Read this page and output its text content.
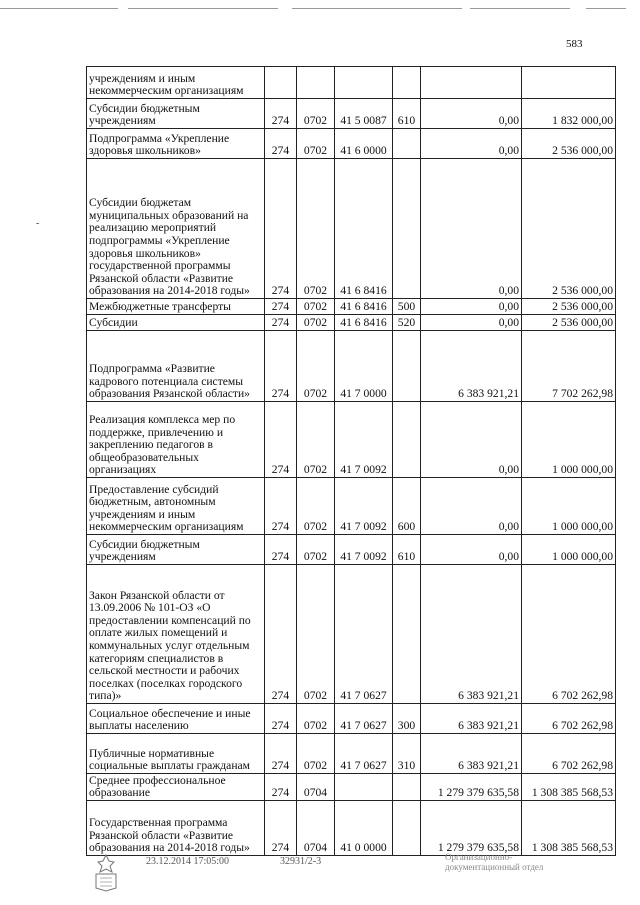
583
-
учреждениям и иным некоммерческим организациям						
Субсидии бюджетным учреждениям	274	0702	41 5 0087	610	0,00	1 832 000,00
Подпрограмма «Укрепление здоровья школьников»	274	0702	41 6 0000		0,00	2 536 000,00
Субсидии бюджетам муниципальных образований на реализацию мероприятий подпрограммы «Укрепление здоровья школьников» государственной программы Рязанской области «Развитие образования на 2014-2018 годы»	274	0702	41 6 8416		0,00	2 536 000,00
Межбюджетные трансферты	274	0702	41 6 8416	500	0,00	2 536 000,00
Субсидии	274	0702	41 6 8416	520	0,00	2 536 000,00
Подпрограмма «Развитие кадрового потенциала системы образования Рязанской области»	274	0702	41 7 0000		6 383 921,21	7 702 262,98
Реализация комплекса мер по поддержке, привлечению и закреплению педагогов в общеобразовательных организациях	274	0702	41 7 0092		0,00	1 000 000,00
Предоставление субсидий бюджетным, автономным учреждениям и иным некоммерческим организациям	274	0702	41 7 0092	600	0,00	1 000 000,00
Субсидии бюджетным учреждениям	274	0702	41 7 0092	610	0,00	1 000 000,00
Закон Рязанской области от 13.09.2006 № 101-ОЗ «О предоставлении компенсаций по оплате жилых помещений и коммунальных услуг отдельным категориям специалистов в сельской местности и рабочих поселках (поселках городского типа)»	274	0702	41 7 0627		6 383 921,21	6 702 262,98
Социальное обеспечение и иные выплаты населению	274	0702	41 7 0627	300	6 383 921,21	6 702 262,98
Публичные нормативные социальные выплаты гражданам	274	0702	41 7 0627	310	6 383 921,21	6 702 262,98
Среднее профессиональное образование	274	0704			1 279 379 635,58	1 308 385 568,53
Государственная программа Рязанской области «Развитие образования на 2014-2018 годы»	274	0704	41 0 0000		1 279 379 635,58	1 308 385 568,53
23.12.2014 17:05:00	32931/2-3	Организационно-
документационный отдел
